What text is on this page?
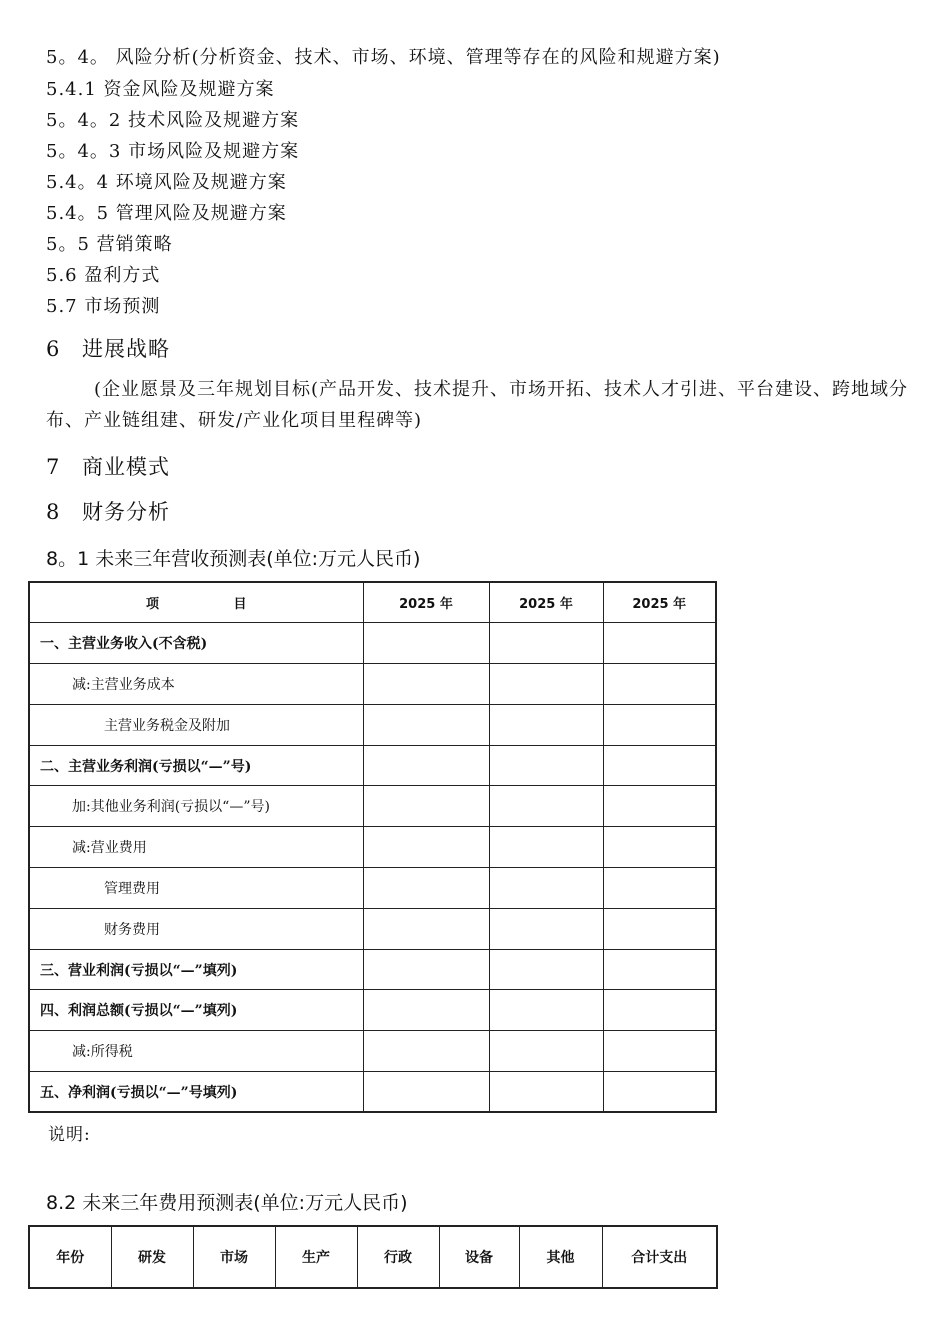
5。4。 风险分析(分析资金、技术、市场、环境、管理等存在的风险和规避方案)
5.4.1 资金风险及规避方案
5。4。2 技术风险及规避方案
5。4。3 市场风险及规避方案
5.4。4 环境风险及规避方案
5.4。5 管理风险及规避方案
5。5 营销策略
5.6 盈利方式
5.7 市场预测
6 进展战略
(企业愿景及三年规划目标(产品开发、技术提升、市场开拓、技术人才引进、平台建设、跨地域分布、产业链组建、研发/产业化项目里程碑等)
7 商业模式
8 财务分析
8。1 未来三年营收预测表(单位:万元人民币)
项 目	2025 年	2025 年	2025 年
一、主营业务收入(不含税)			
减:主营业务成本			
主营业务税金及附加			
二、主营业务利润(亏损以“—”号)			
加:其他业务利润(亏损以“—”号)			
减:营业费用			
管理费用			
财务费用			
三、营业利润(亏损以“—”填列)			
四、利润总额(亏损以“—”填列)			
减:所得税			
五、净利润(亏损以“—”号填列)			
说明:
8.2 未来三年费用预测表(单位:万元人民币)
年份	研发	市场	生产	行政	设备	其他	合计支出
